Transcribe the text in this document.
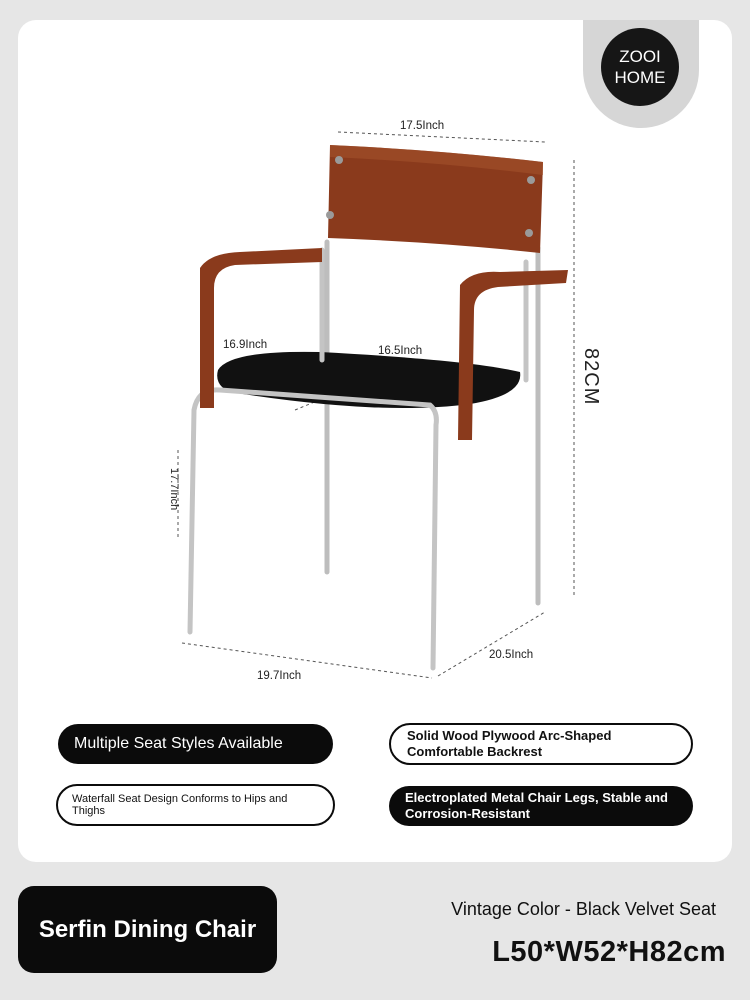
ZOOI
HOME
17.5Inch
16.9Inch	16.5Inch	82CM
17.7Inch
19.7Inch
20.5Inch
Multiple Seat Styles Available	Solid Wood Plywood Arc-Shaped Comfortable Backrest
Waterfall Seat Design Conforms to Hips and Thighs
Electroplated Metal Chair Legs, Stable and Corrosion-Resistant
Serfin Dining Chair
Vintage Color - Black Velvet Seat
L50*W52*H82cm
